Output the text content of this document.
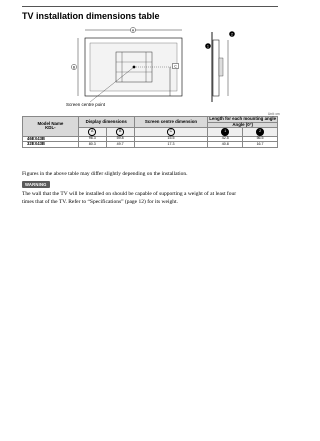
TV installation dimensions table
A
B	C
1
2
Screen centre point
Unit: cm
Model Name
KDL-	Display dimensions		Screen centre dimension	Length for each mounting angle	
				Angle (0°)	
	A	B	C	1	2
46EX43B	96.3	59.8	15.5	42.5	56.5
32EX43B	80.3	49.7	17.3	40.8	16.7
Figures in the above table may differ slightly depending on the installation.
WARNING
The wall that the TV will be installed on should be capable of supporting a weight of at least four
times that of the TV. Refer to “Specifications” (page 12) for its weight.
